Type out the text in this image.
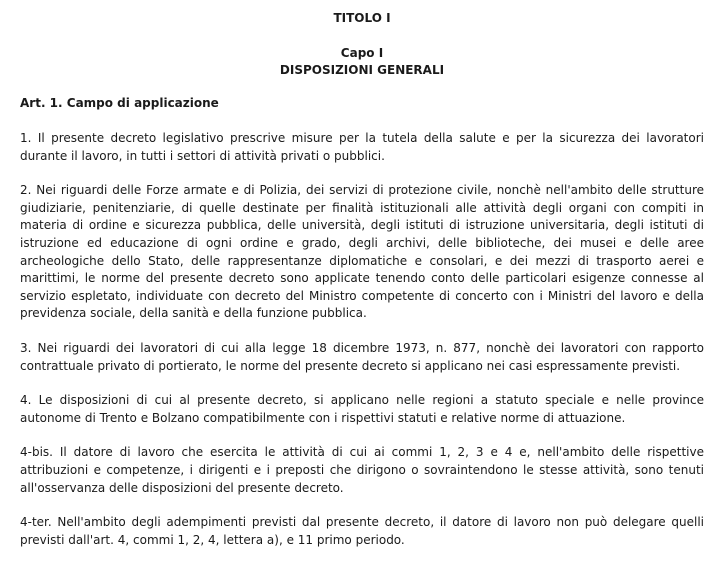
TITOLO I
Capo I
DISPOSIZIONI GENERALI
Art. 1. Campo di applicazione

1. Il presente decreto legislativo prescrive misure per la tutela della salute e per la sicurezza dei lavoratori durante il lavoro, in tutti i settori di attività privati o pubblici.

2. Nei riguardi delle Forze armate e di Polizia, dei servizi di protezione civile, nonchè nell'ambito delle strutture giudiziarie, penitenziarie, di quelle destinate per finalità istituzionali alle attività degli organi con compiti in materia di ordine e sicurezza pubblica, delle università, degli istituti di istruzione universitaria, degli istituti di istruzione ed educazione di ogni ordine e grado, degli archivi, delle biblioteche, dei musei e delle aree archeologiche dello Stato, delle rappresentanze diplomatiche e consolari, e dei mezzi di trasporto aerei e marittimi, le norme del presente decreto sono applicate tenendo conto delle particolari esigenze connesse al servizio espletato, individuate con decreto del Ministro competente di concerto con i Ministri del lavoro e della previdenza sociale, della sanità e della funzione pubblica.

3. Nei riguardi dei lavoratori di cui alla legge 18 dicembre 1973, n. 877, nonchè dei lavoratori con rapporto contrattuale privato di portierato, le norme del presente decreto si applicano nei casi espressamente previsti.

4. Le disposizioni di cui al presente decreto, si applicano nelle regioni a statuto speciale e nelle province autonome di Trento e Bolzano compatibilmente con i rispettivi statuti e relative norme di attuazione.

4-bis. Il datore di lavoro che esercita le attività di cui ai commi 1, 2, 3 e 4 e, nell'ambito delle rispettive attribuzioni e competenze, i dirigenti e i preposti che dirigono o sovraintendono le stesse attività, sono tenuti all'osservanza delle disposizioni del presente decreto.

4-ter. Nell'ambito degli adempimenti previsti dal presente decreto, il datore di lavoro non può delegare quelli previsti dall'art. 4, commi 1, 2, 4, lettera a), e 11 primo periodo.
